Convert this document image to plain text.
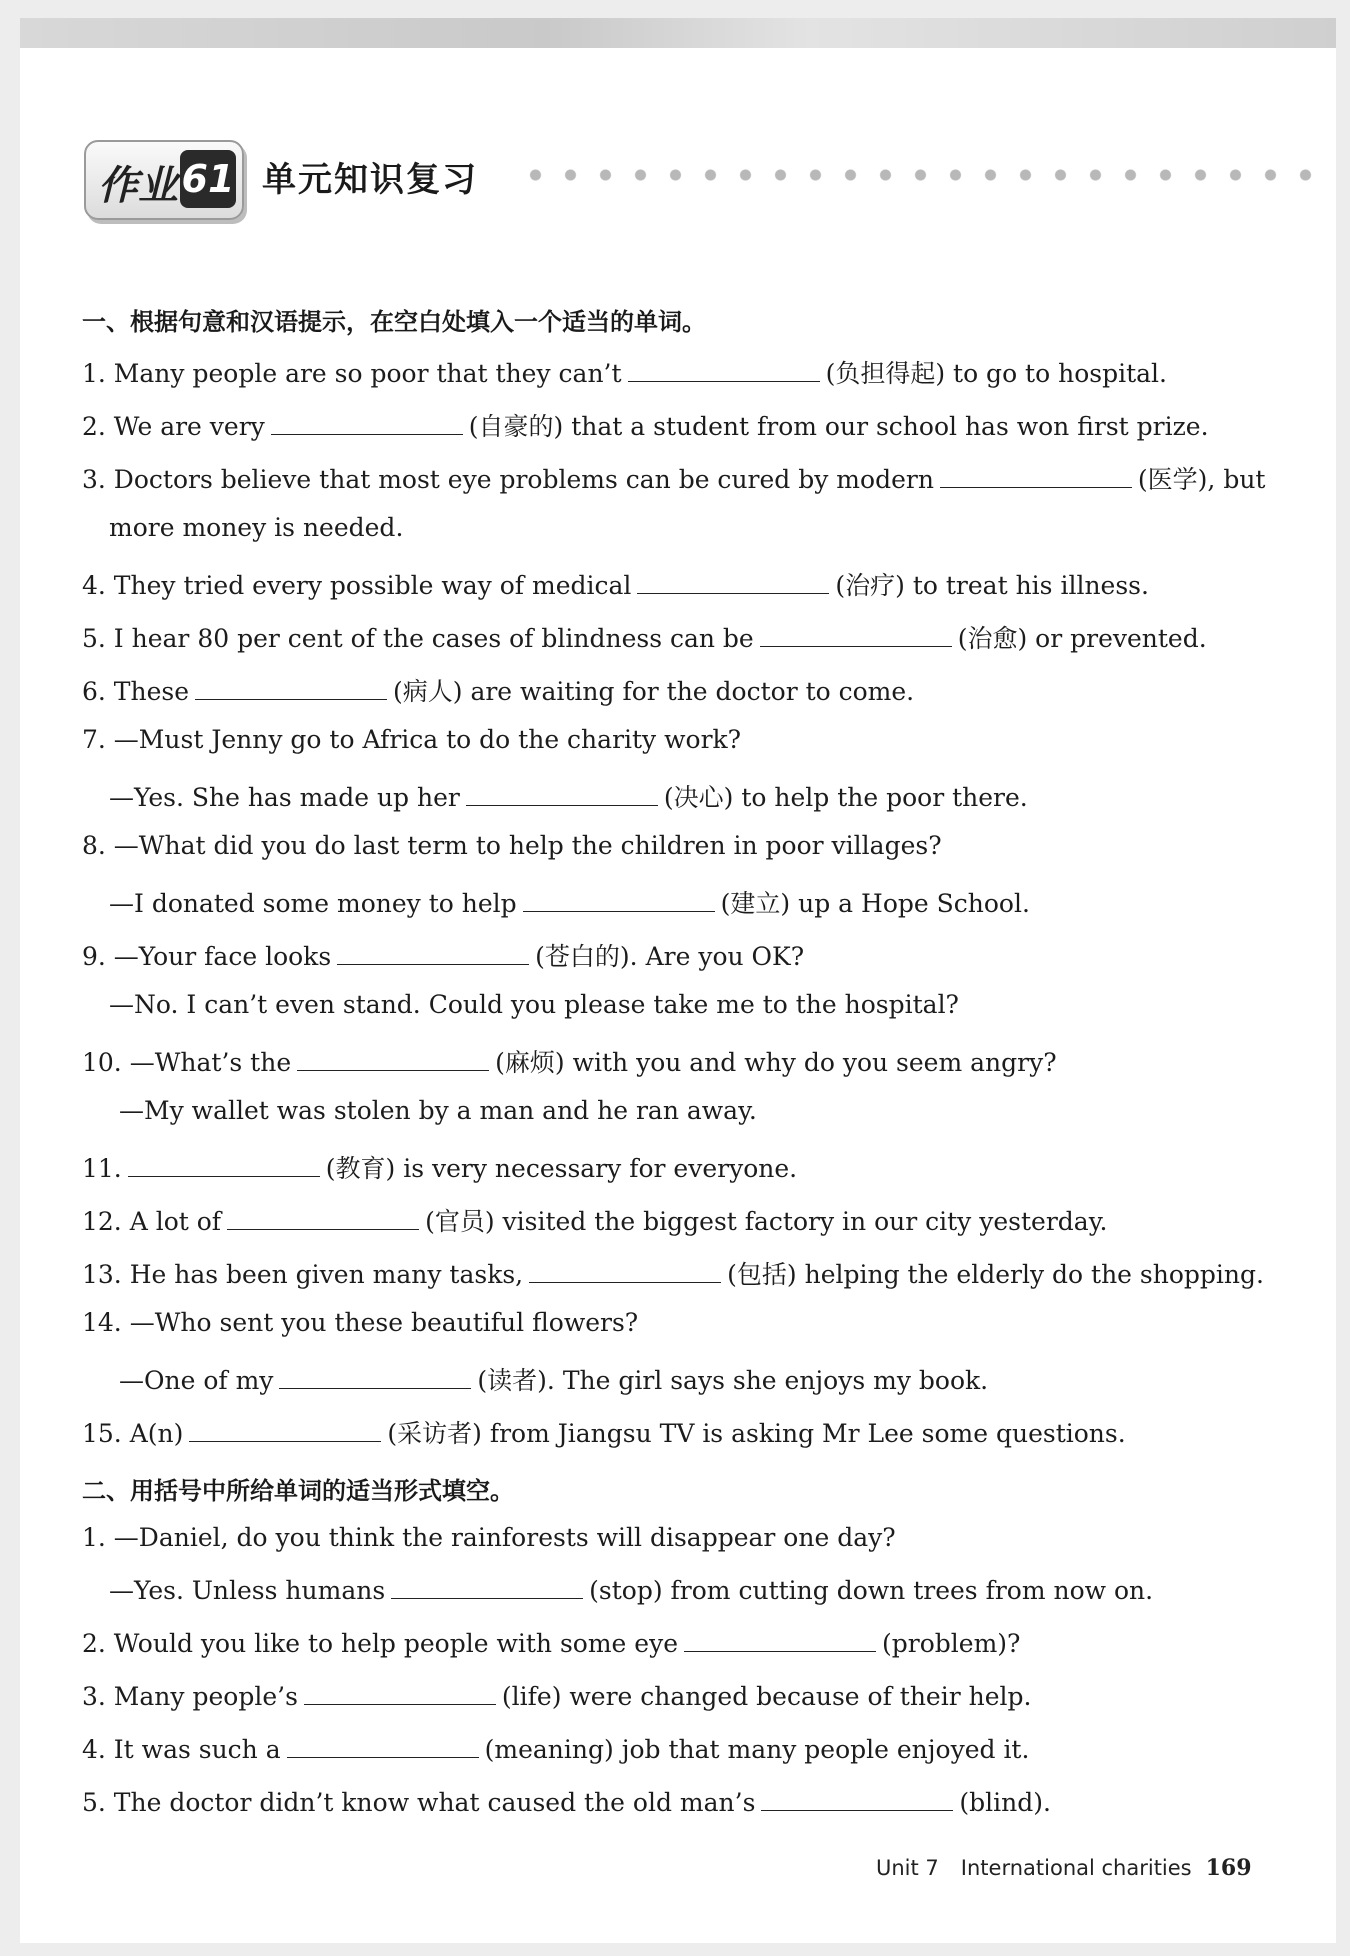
作业 61 单元知识复习
一、根据句意和汉语提示，在空白处填入一个适当的单词。
1. Many people are so poor that they can’t	(负担得起) to go to hospital.
2. We are very	(自豪的) that a student from our school has won first prize.
3. Doctors believe that most eye problems can be cured by modern	(医学), but
more money is needed.
4. They tried every possible way of medical	(治疗) to treat his illness.
5. I hear 80 per cent of the cases of blindness can be	(治愈) or prevented.
6. These	(病人) are waiting for the doctor to come.
7. —Must Jenny go to Africa to do the charity work?
—Yes. She has made up her	(决心) to help the poor there.
8. —What did you do last term to help the children in poor villages?
—I donated some money to help	(建立) up a Hope School.
9. —Your face looks	(苍白的). Are you OK?
—No. I can’t even stand. Could you please take me to the hospital?
10. —What’s the	(麻烦) with you and why do you seem angry?
—My wallet was stolen by a man and he ran away.
11.	(教育) is very necessary for everyone.
12. A lot of	(官员) visited the biggest factory in our city yesterday.
13. He has been given many tasks,	(包括) helping the elderly do the shopping.
14. —Who sent you these beautiful flowers?
—One of my	(读者). The girl says she enjoys my book.
15. A(n)	(采访者) from Jiangsu TV is asking Mr Lee some questions.
二、用括号中所给单词的适当形式填空。
1. —Daniel, do you think the rainforests will disappear one day?
—Yes. Unless humans	(stop) from cutting down trees from now on.
2. Would you like to help people with some eye	(problem)?
3. Many people’s	(life) were changed because of their help.
4. It was such a	(meaning) job that many people enjoyed it.
5. The doctor didn’t know what caused the old man’s	(blind).
Unit 7 International charities 169
